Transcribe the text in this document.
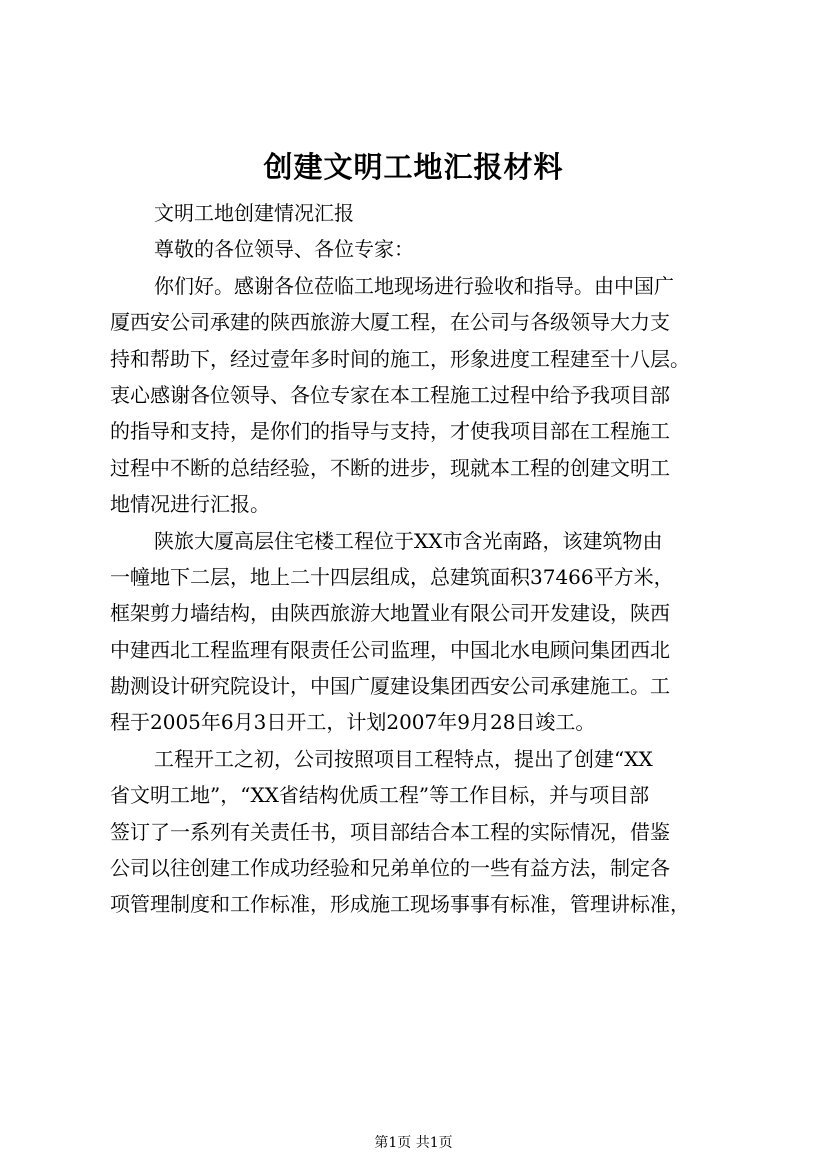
创建文明工地汇报材料
文明工地创建情况汇报
尊敬的各位领导、各位专家：
你们好。感谢各位莅临工地现场进行验收和指导。由中国广
厦西安公司承建的陕西旅游大厦工程，在公司与各级领导大力支
持和帮助下，经过壹年多时间的施工，形象进度工程建至十八层。
衷心感谢各位领导、各位专家在本工程施工过程中给予我项目部
的指导和支持，是你们的指导与支持，才使我项目部在工程施工
过程中不断的总结经验，不断的进步，现就本工程的创建文明工
地情况进行汇报。
陕旅大厦高层住宅楼工程位于XX市含光南路，该建筑物由
一幢地下二层，地上二十四层组成，总建筑面积37466平方米，
框架剪力墙结构，由陕西旅游大地置业有限公司开发建设，陕西
中建西北工程监理有限责任公司监理，中国北水电顾问集团西北
勘测设计研究院设计，中国广厦建设集团西安公司承建施工。工
程于2005年6月3日开工，计划2007年9月28日竣工。
工程开工之初，公司按照项目工程特点，提出了创建“XX
省文明工地”，“XX省结构优质工程”等工作目标，并与项目部
签订了一系列有关责任书，项目部结合本工程的实际情况，借鉴
公司以往创建工作成功经验和兄弟单位的一些有益方法，制定各
项管理制度和工作标准，形成施工现场事事有标准，管理讲标准，
第1页 共1页
